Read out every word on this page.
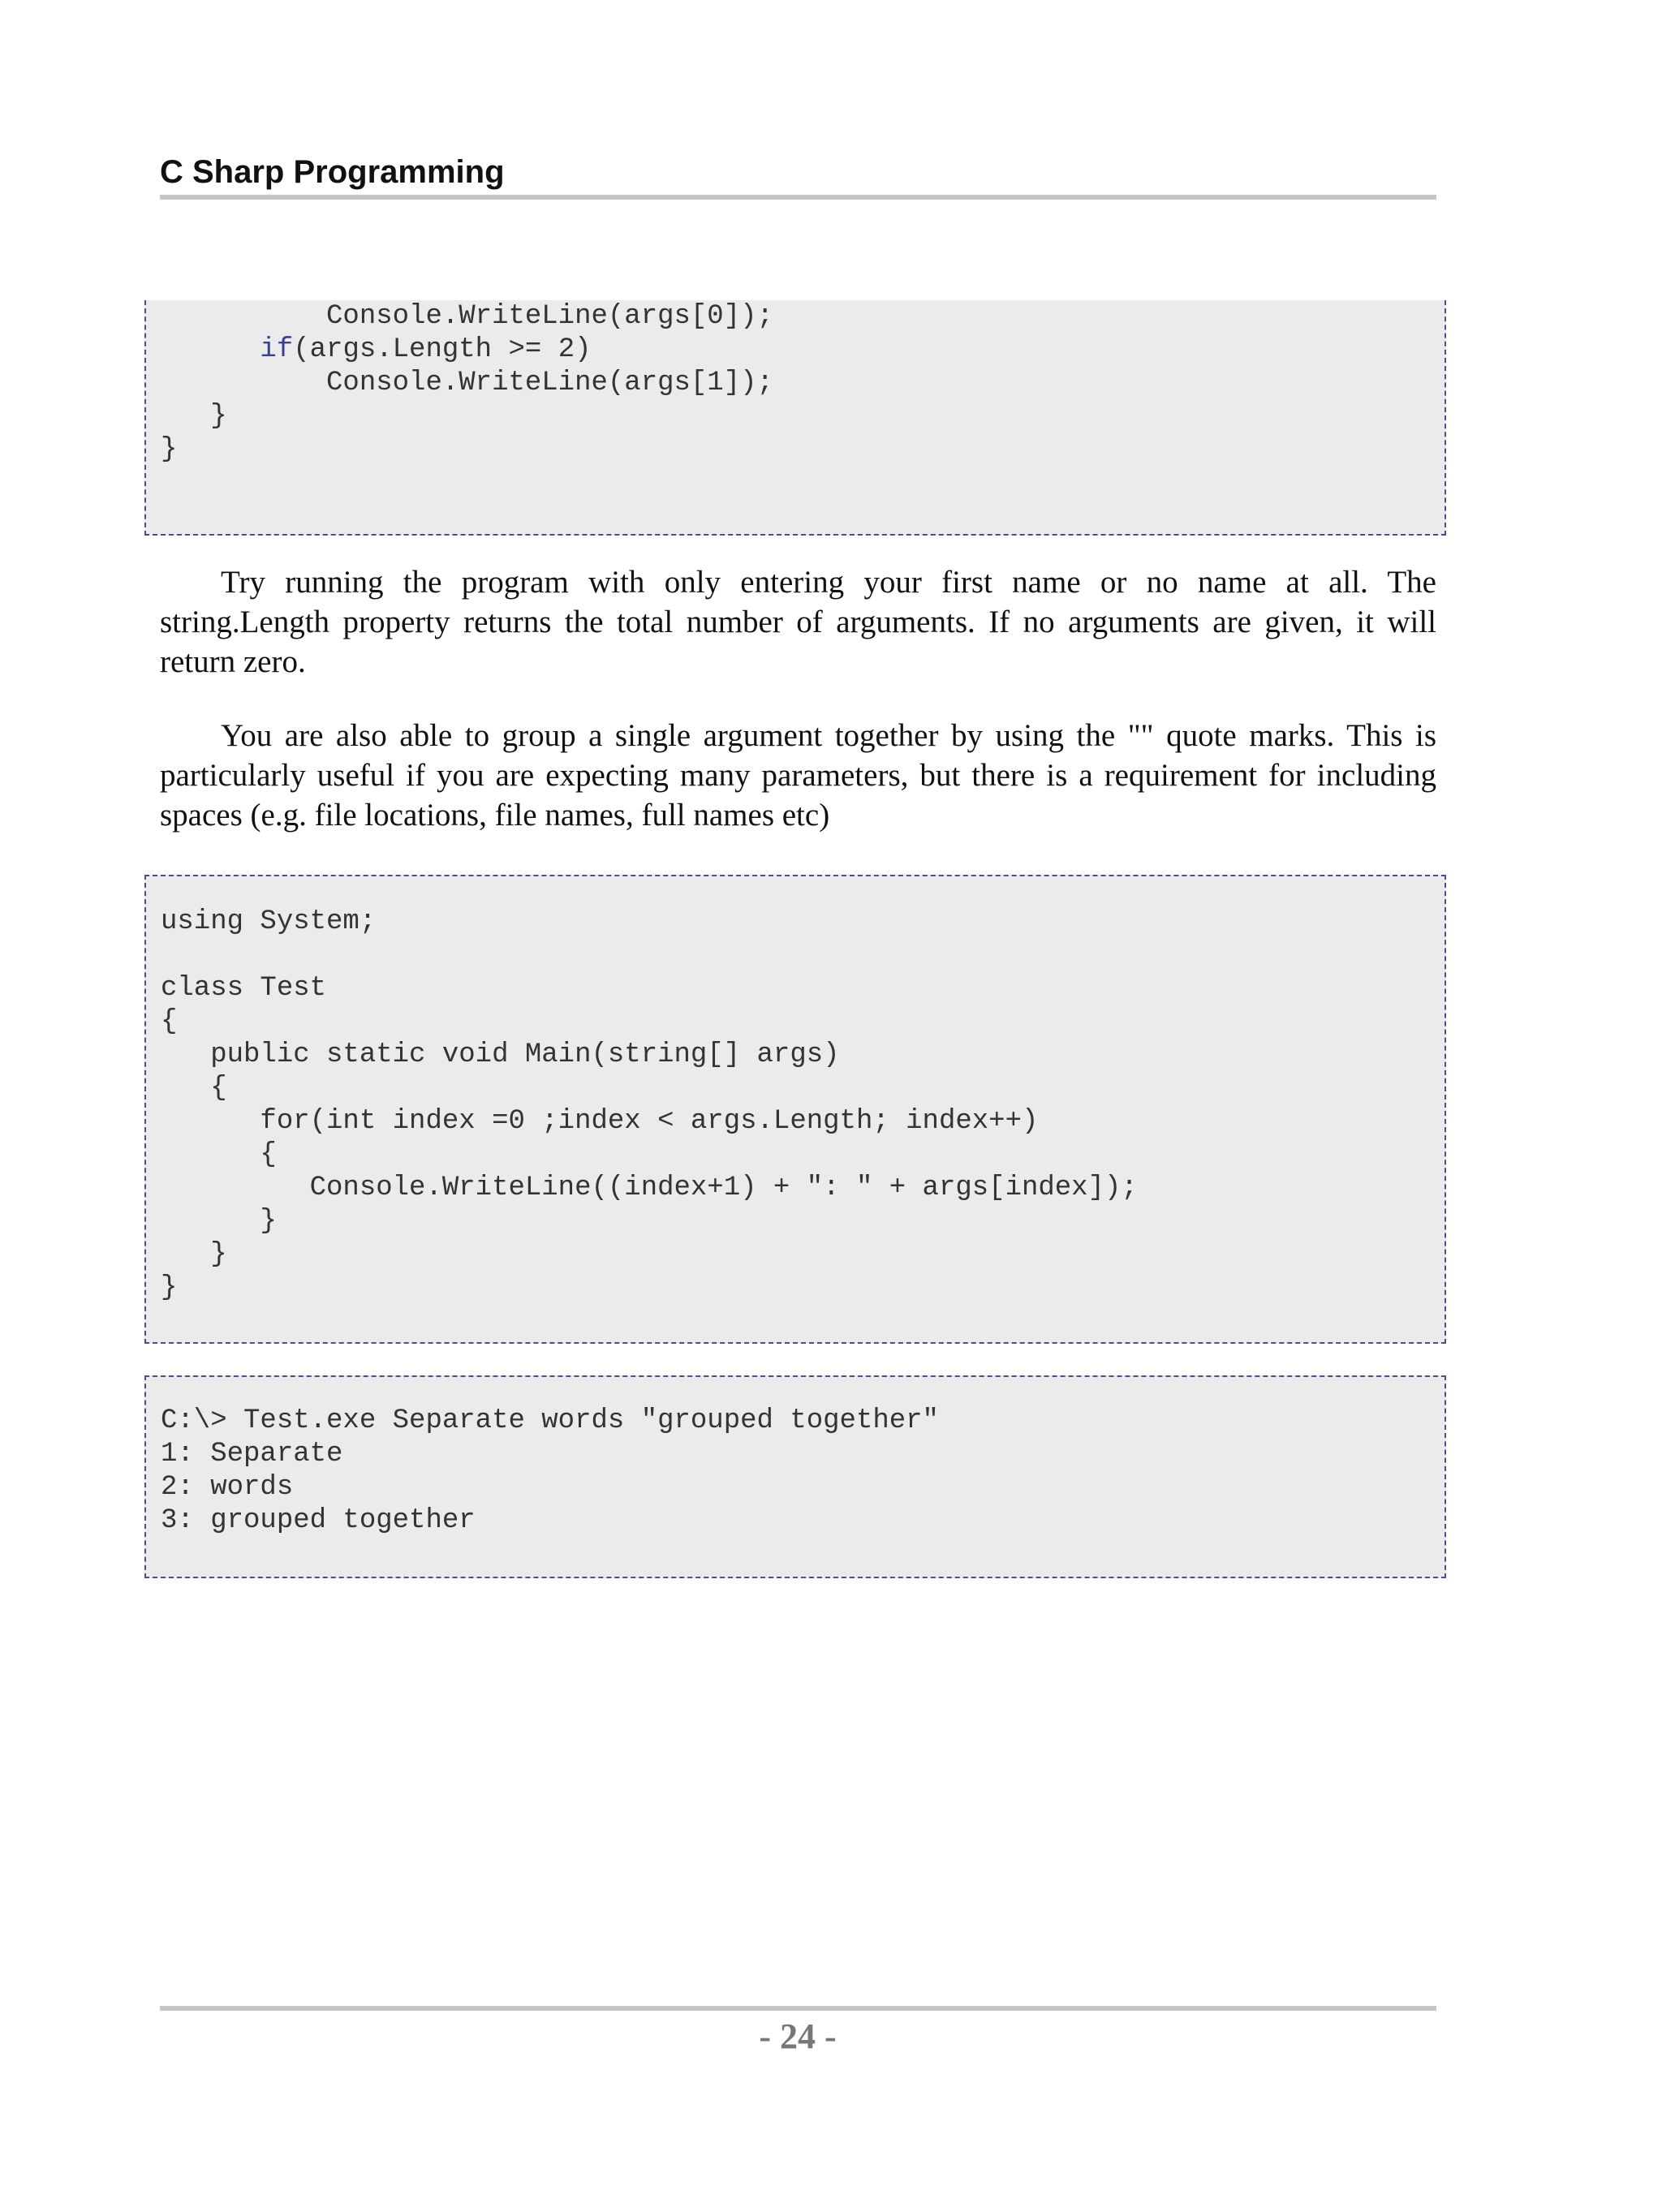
C Sharp Programming
Console.WriteLine(args[0]);
if(args.Length >= 2)
Console.WriteLine(args[1]);
}
}

Try running the program with only entering your first name or no name at all. The string.Length property returns the total number of arguments. If no arguments are given, it will return zero.

You are also able to group a single argument together by using the "" quote marks. This is particularly useful if you are expecting many parameters, but there is a requirement for including spaces (e.g. file locations, file names, full names etc)

using System;

class Test
{
public static void Main(string[] args)
{
for(int index =0 ;index < args.Length; index++)
{
Console.WriteLine((index+1) + ": " + args[index]);
}
}
}
C:\> Test.exe Separate words "grouped together"
1: Separate
2: words
3: grouped together
- 24 -
